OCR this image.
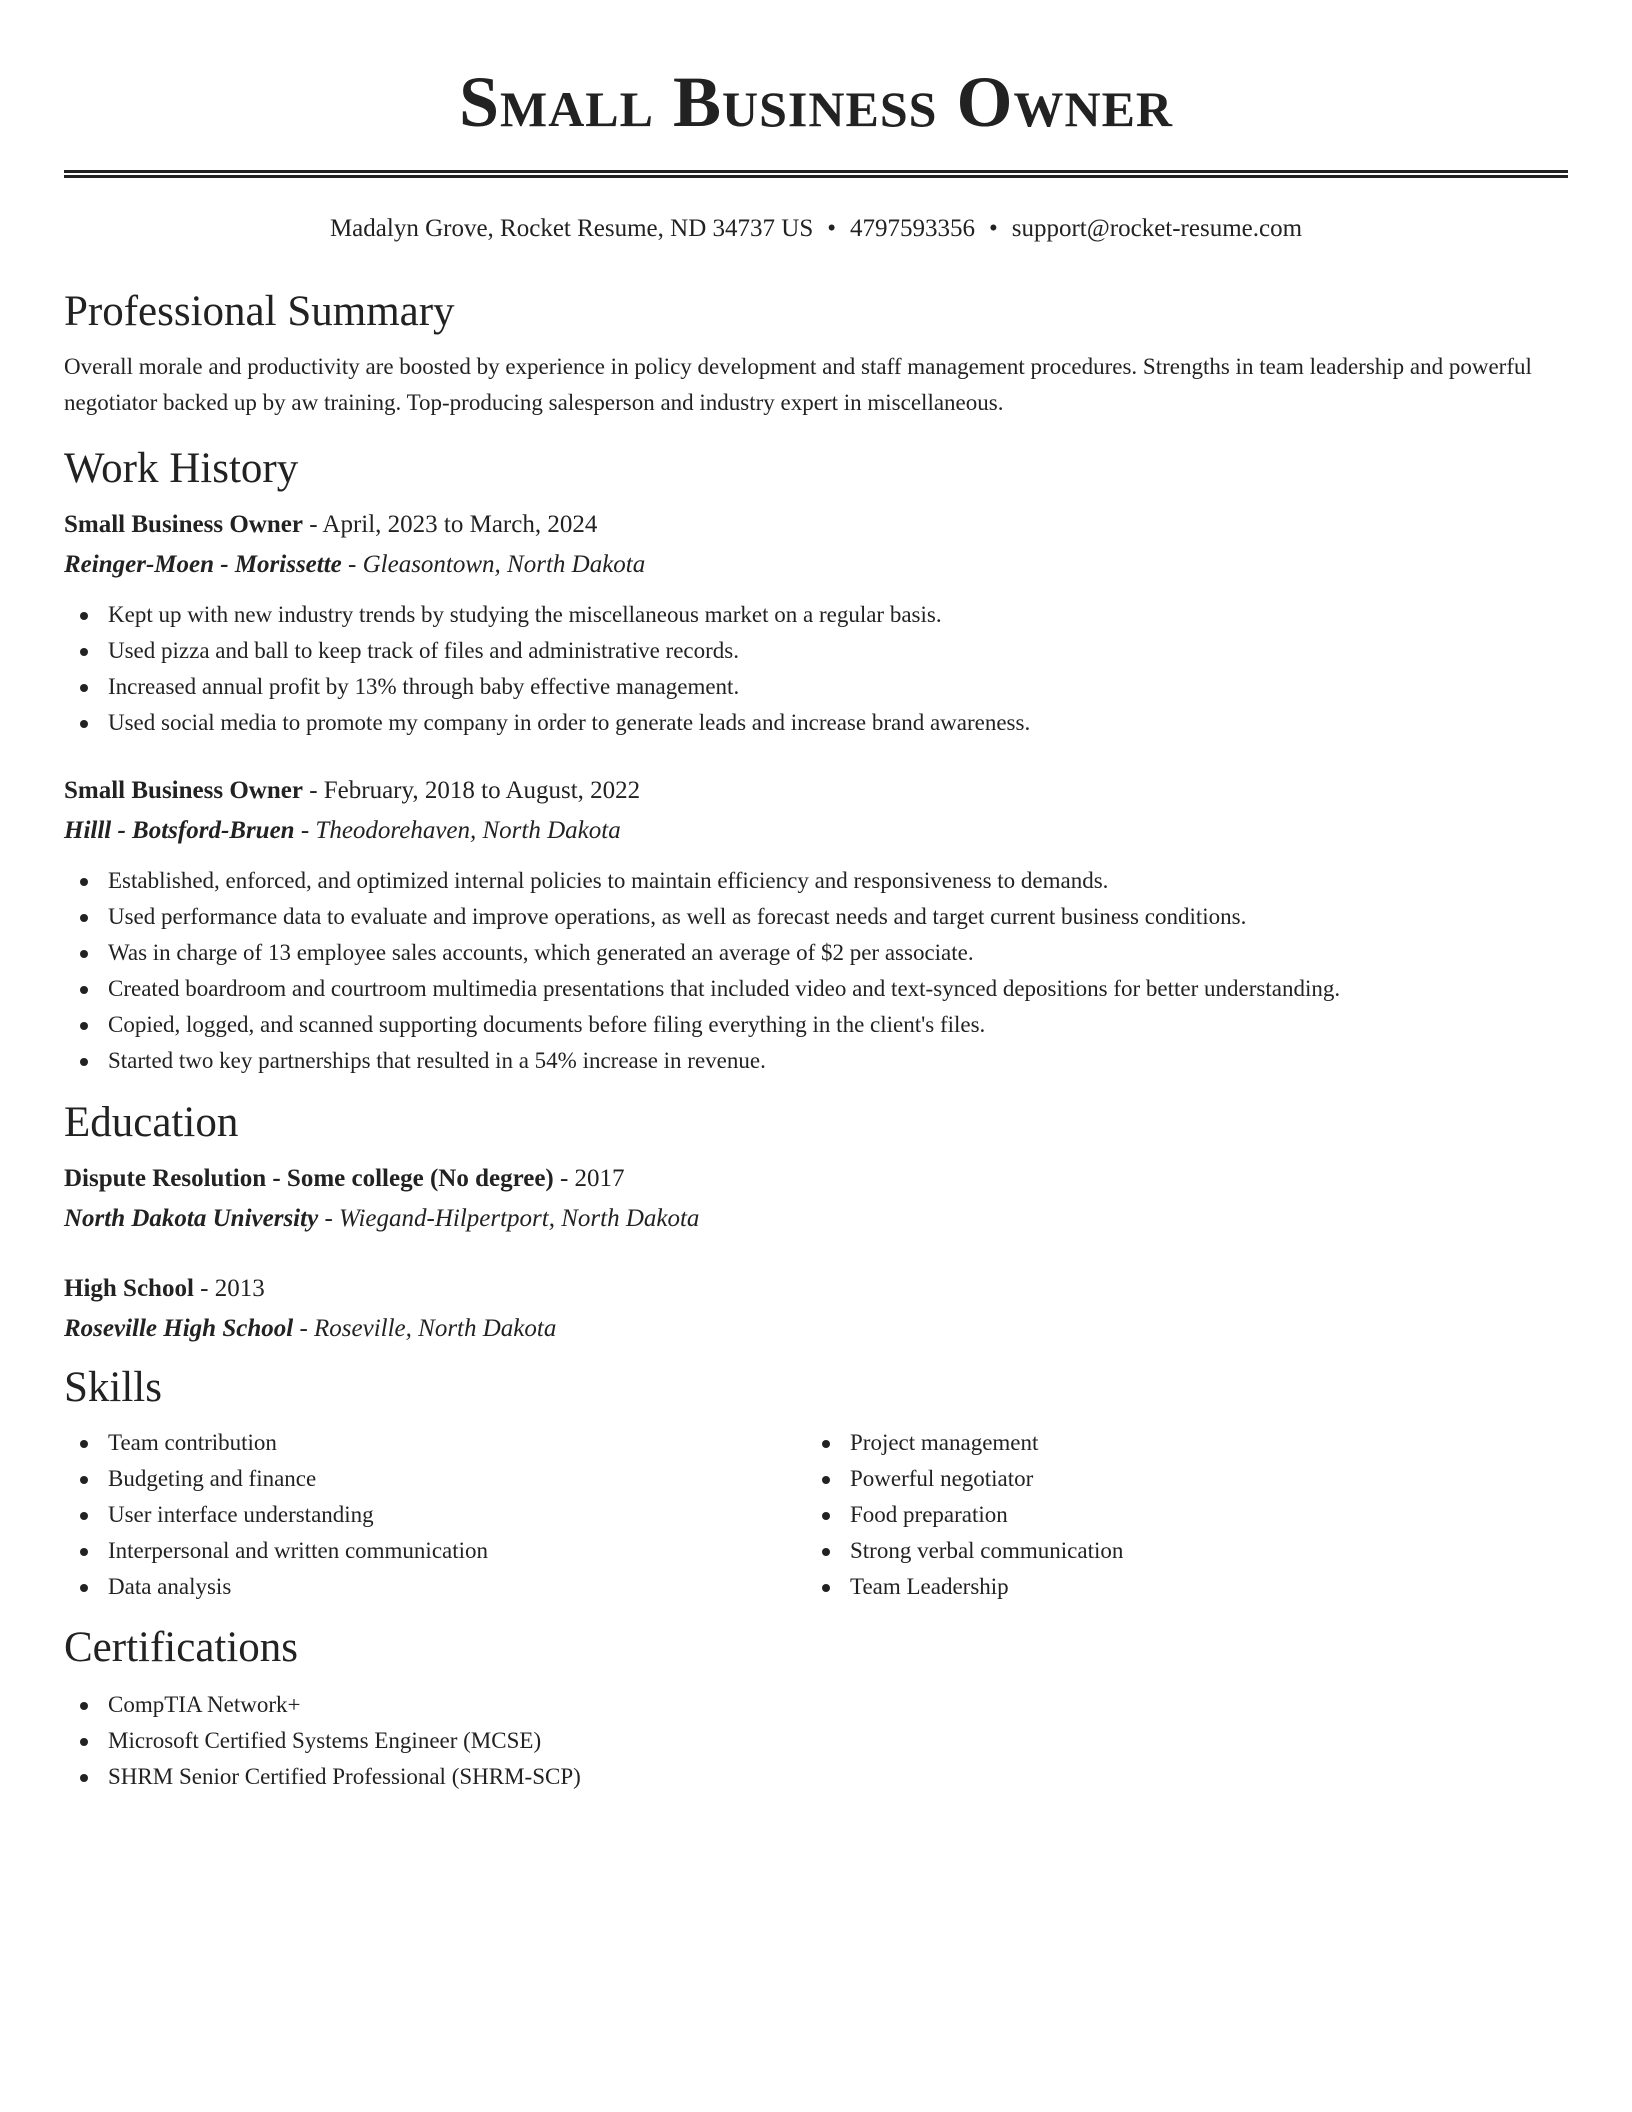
Small Business Owner
Madalyn Grove, Rocket Resume, ND 34737 US • 4797593356 • support@rocket-resume.com
Professional Summary

Overall morale and productivity are boosted by experience in policy development and staff management procedures. Strengths in team leadership and powerful negotiator backed up by aw training. Top-producing salesperson and industry expert in miscellaneous.

Work History
Small Business Owner - April, 2023 to March, 2024
Reinger-Moen - Morissette - Gleasontown, North Dakota
Kept up with new industry trends by studying the miscellaneous market on a regular basis.
Used pizza and ball to keep track of files and administrative records.
Increased annual profit by 13% through baby effective management.
Used social media to promote my company in order to generate leads and increase brand awareness.
Small Business Owner - February, 2018 to August, 2022
Hilll - Botsford-Bruen - Theodorehaven, North Dakota
Established, enforced, and optimized internal policies to maintain efficiency and responsiveness to demands.
Used performance data to evaluate and improve operations, as well as forecast needs and target current business conditions.
Was in charge of 13 employee sales accounts, which generated an average of $2 per associate.
Created boardroom and courtroom multimedia presentations that included video and text-synced depositions for better understanding.
Copied, logged, and scanned supporting documents before filing everything in the client's files.
Started two key partnerships that resulted in a 54% increase in revenue.
Education
Dispute Resolution - Some college (No degree) - 2017
North Dakota University - Wiegand-Hilpertport, North Dakota
High School - 2013
Roseville High School - Roseville, North Dakota
Skills
Team contribution
Budgeting and finance
User interface understanding
Interpersonal and written communication
Data analysis
Project management
Powerful negotiator
Food preparation
Strong verbal communication
Team Leadership
Certifications
CompTIA Network+
Microsoft Certified Systems Engineer (MCSE)
SHRM Senior Certified Professional (SHRM-SCP)
